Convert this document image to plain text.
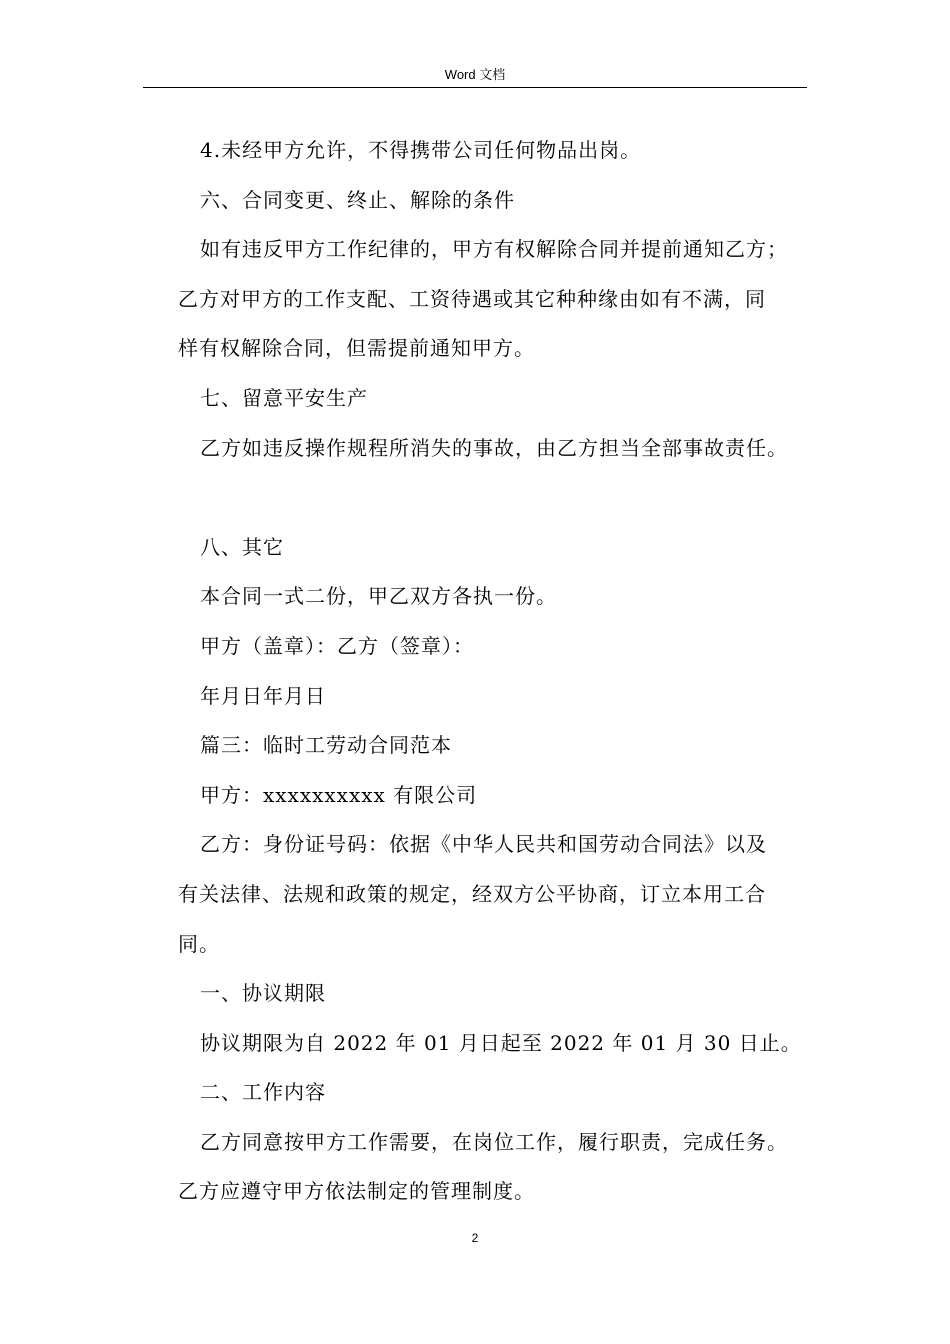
Word 文档

4.未经甲方允许，不得携带公司任何物品出岗。

六、合同变更、终止、解除的条件

如有违反甲方工作纪律的，甲方有权解除合同并提前通知乙方；

乙方对甲方的工作支配、工资待遇或其它种种缘由如有不满，同

样有权解除合同，但需提前通知甲方。

七、留意平安生产

乙方如违反操作规程所消失的事故，由乙方担当全部事故责任。

八、其它

本合同一式二份，甲乙双方各执一份。

甲方（盖章）：乙方（签章）：

年月日年月日

篇三：临时工劳动合同范本

甲方：xxxxxxxxxx 有限公司

乙方：身份证号码：依据《中华人民共和国劳动合同法》以及

有关法律、法规和政策的规定，经双方公平协商，订立本用工合

同。

一、协议期限

协议期限为自 2022 年 01 月日起至 2022 年 01 月 30 日止。

二、工作内容

乙方同意按甲方工作需要，在岗位工作，履行职责，完成任务。

乙方应遵守甲方依法制定的管理制度。

2
